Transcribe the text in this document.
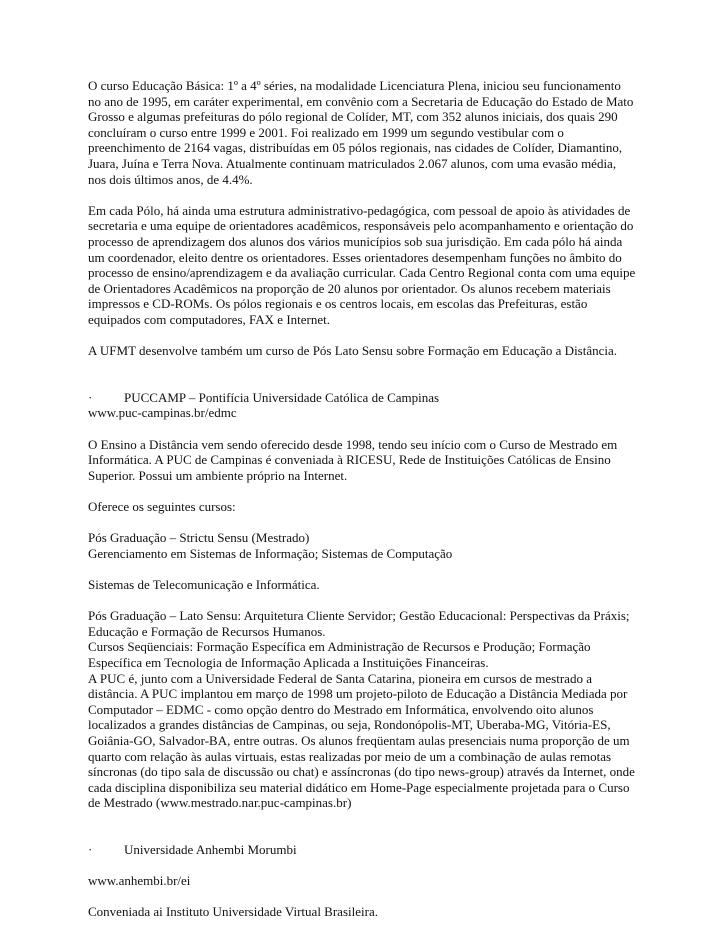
O curso Educação Básica: 1º a 4º séries, na modalidade Licenciatura Plena, iniciou seu funcionamento no ano de 1995, em caráter experimental, em convênio com a Secretaria de Educação do Estado de Mato Grosso e algumas prefeituras do pólo regional de Colíder, MT, com 352 alunos iniciais, dos quais 290 concluíram o curso entre 1999 e 2001. Foi realizado em 1999 um segundo vestibular com o preenchimento de 2164 vagas, distribuídas em 05 pólos regionais, nas cidades de Colíder, Diamantino, Juara, Juína e Terra Nova. Atualmente continuam matriculados 2.067 alunos, com uma evasão média, nos dois últimos anos, de 4.4%.

Em cada Pólo, há ainda uma estrutura administrativo-pedagógica, com pessoal de apoio às atividades de secretaria e uma equipe de orientadores acadêmicos, responsáveis pelo acompanhamento e orientação do processo de aprendizagem dos alunos dos vários municípios sob sua jurisdição. Em cada pólo há ainda um coordenador, eleito dentre os orientadores. Esses orientadores desempenham funções no âmbito do processo de ensino/aprendizagem e da avaliação curricular. Cada Centro Regional conta com uma equipe de Orientadores Acadêmicos na proporção de 20 alunos por orientador. Os alunos recebem materiais impressos e CD-ROMs. Os pólos regionais e os centros locais, em escolas das Prefeituras, estão equipados com computadores, FAX e Internet.

A UFMT desenvolve também um curso de Pós Lato Sensu sobre Formação em Educação a Distância.

·	PUCCAMP – Pontifícia Universidade Católica de Campinas

www.puc-campinas.br/edmc

O Ensino a Distância vem sendo oferecido desde 1998, tendo seu início com o Curso de Mestrado em Informática. A PUC de Campinas é conveniada à RICESU, Rede de Instituições Católicas de Ensino Superior. Possui um ambiente próprio na Internet.

Oferece os seguintes cursos:

Pós Graduação – Strictu Sensu (Mestrado)

Gerenciamento em Sistemas de Informação; Sistemas de Computação

Sistemas de Telecomunicação e Informática.

Pós Graduação – Lato Sensu: Arquitetura Cliente Servidor; Gestão Educacional: Perspectivas da Práxis; Educação e Formação de Recursos Humanos.

Cursos Seqüenciais: Formação Específica em Administração de Recursos e Produção; Formação Específica em Tecnologia de Informação Aplicada a Instituições Financeiras.

A PUC é, junto com a Universidade Federal de Santa Catarina, pioneira em cursos de mestrado a distância. A PUC implantou em março de 1998 um projeto-piloto de Educação a Distância Mediada por Computador – EDMC - como opção dentro do Mestrado em Informática, envolvendo oito alunos localizados a grandes distâncias de Campinas, ou seja, Rondonópolis-MT, Uberaba-MG, Vitória-ES, Goiânia-GO, Salvador-BA, entre outras. Os alunos freqüentam aulas presenciais numa proporção de um quarto com relação às aulas virtuais, estas realizadas por meio de um a combinação de aulas remotas síncronas (do tipo sala de discussão ou chat) e assíncronas (do tipo news-group) através da Internet, onde cada disciplina disponibiliza seu material didático em Home-Page especialmente projetada para o Curso de Mestrado (www.mestrado.nar.puc-campinas.br)

·	Universidade Anhembi Morumbi

www.anhembi.br/ei

Conveniada ai Instituto Universidade Virtual Brasileira.
